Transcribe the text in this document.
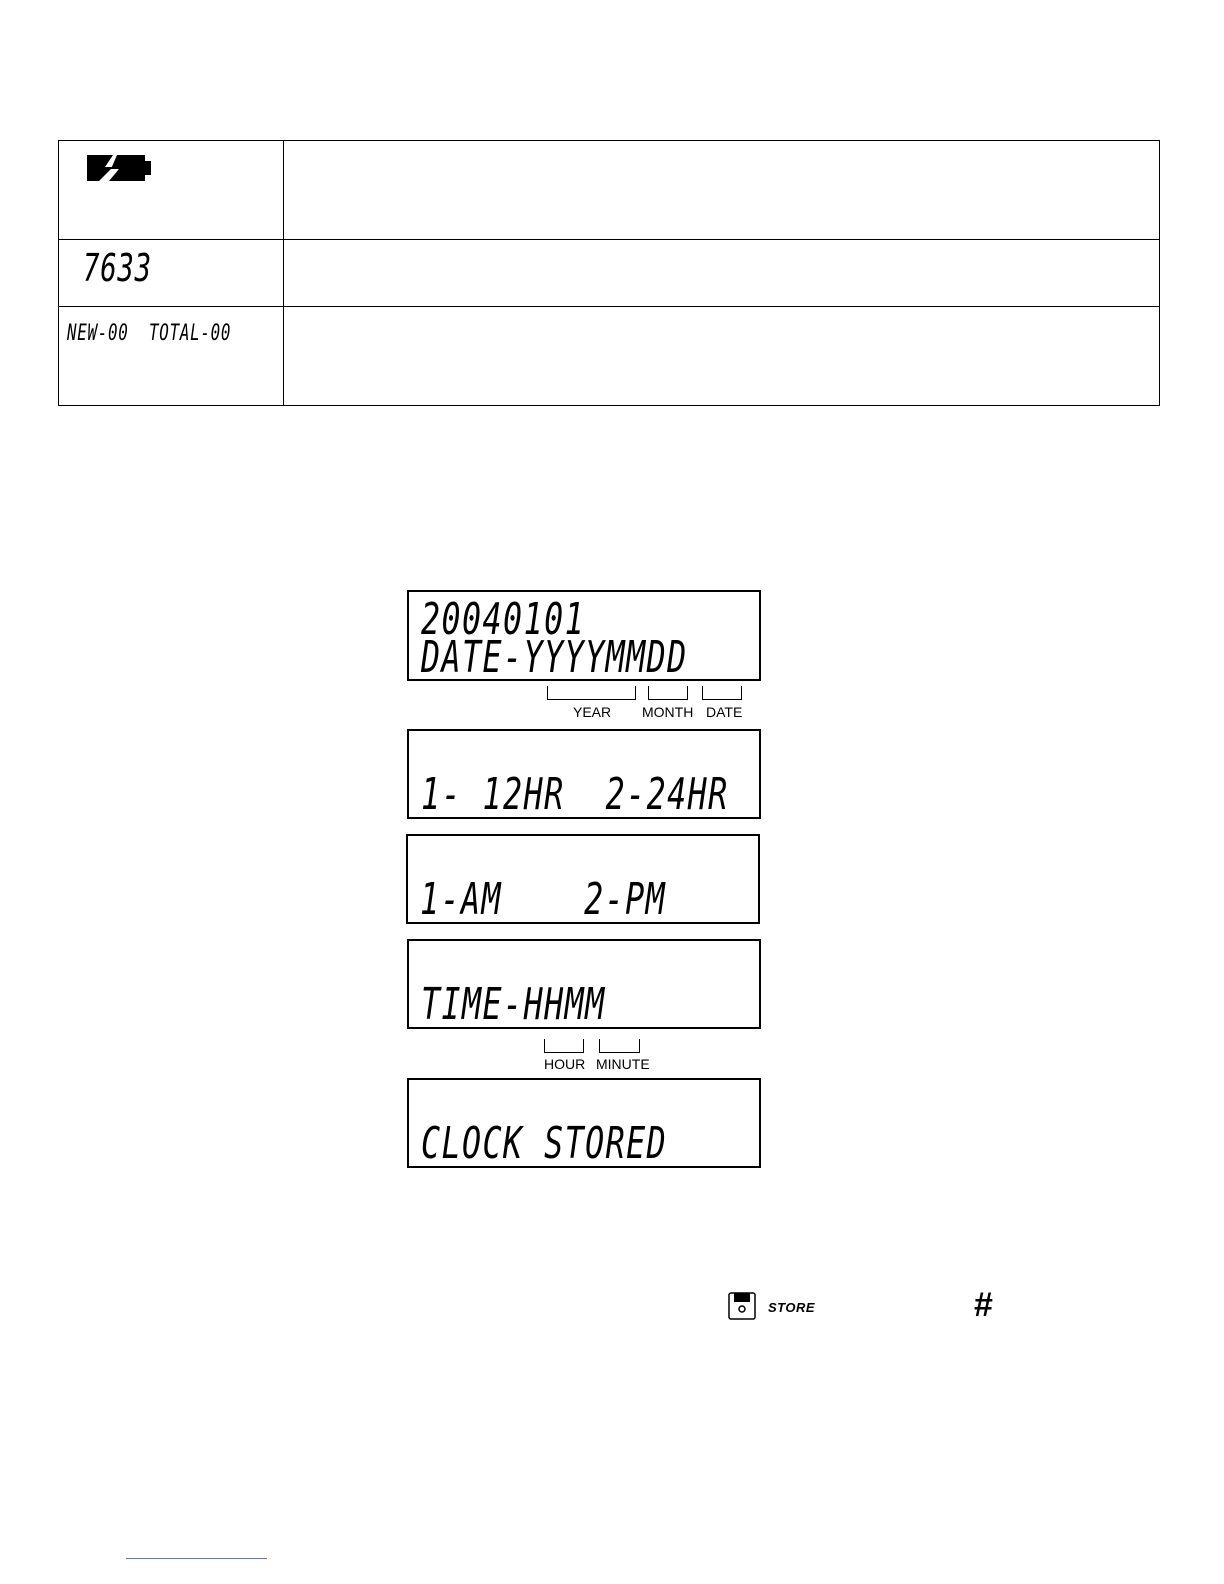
7633	

NEW-00  TOTAL-00	
20040101
DATE-YYYYMMDD
YEAR MONTH DATE
1- 12HR  2-24HR
1-AM    2-PM
TIME-HHMM
HOUR MINUTE
CLOCK STORED
STORE	#
